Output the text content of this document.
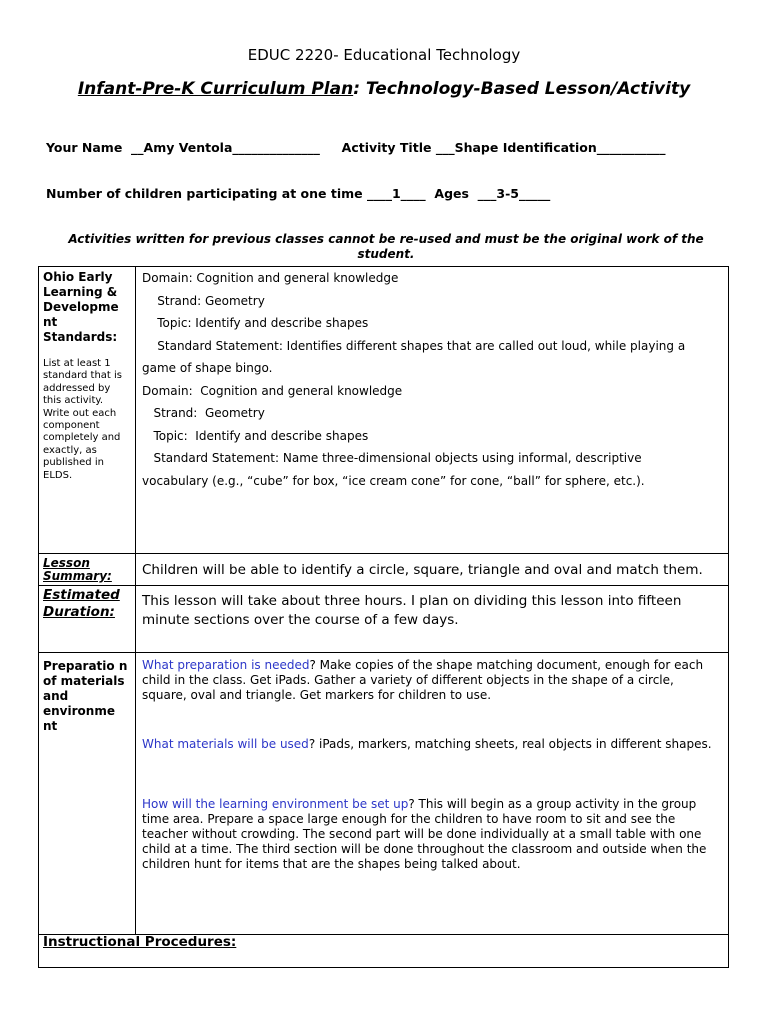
EDUC 2220- Educational Technology
Infant-Pre-K Curriculum Plan: Technology-Based Lesson/Activity
Your Name __Amy Ventola______________ Activity Title ___Shape Identification___________
Number of children participating at one time ____1____ Ages ___3-5_____
Activities written for previous classes cannot be re-used and must be the original work of the student.
Ohio Early Learning & Developme nt Standards:
List at least 1 standard that is addressed by this activity. Write out each component completely and exactly, as published in ELDS.
Domain: Cognition and general knowledge
Strand: Geometry
Topic: Identify and describe shapes
Standard Statement: Identifies different shapes that are called out loud, while playing a
game of shape bingo.
Domain:  Cognition and general knowledge
Strand:  Geometry
Topic:  Identify and describe shapes
Standard Statement: Name three-dimensional objects using informal, descriptive
vocabulary (e.g., “cube” for box, “ice cream cone” for cone, “ball” for sphere, etc.).
Lesson Summary:	Children will be able to identify a circle, square, triangle and oval and match them.
Estimated Duration:
This lesson will take about three hours. I plan on dividing this lesson into fifteen minute sections over the course of a few days.
Preparatio n of materials and environme nt
What preparation is needed? Make copies of the shape matching document, enough for each child in the class. Get iPads. Gather a variety of different objects in the shape of a circle, square, oval and triangle. Get markers for children to use.
What materials will be used? iPads, markers, matching sheets, real objects in different shapes.
How will the learning environment be set up? This will begin as a group activity in the group time area. Prepare a space large enough for the children to have room to sit and see the teacher without crowding. The second part will be done individually at a small table with one child at a time. The third section will be done throughout the classroom and outside when the children hunt for items that are the shapes being talked about.
Instructional Procedures:
